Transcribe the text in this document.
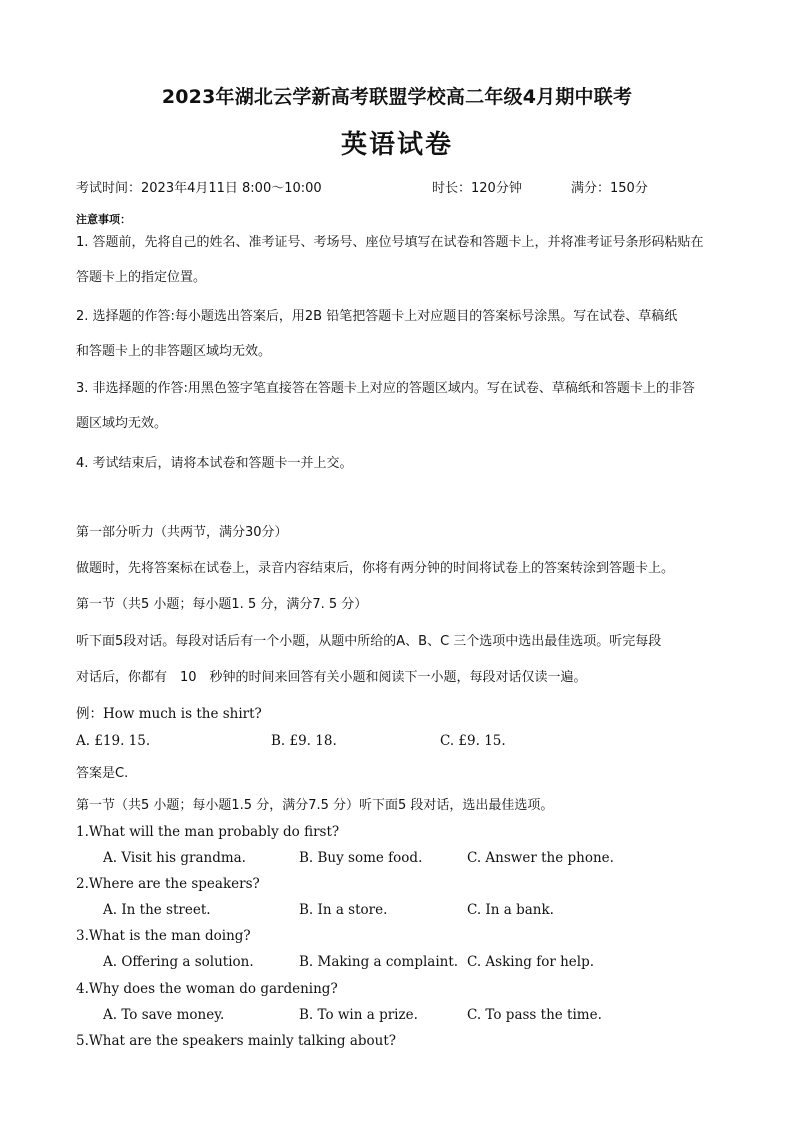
2023年湖北云学新高考联盟学校高二年级4月期中联考
英语试卷
考试时间：2023年4月11日 8:00～10:00	时长：120分钟	满分：150分
注意事项：
1. 答题前，先将自己的姓名、准考证号、考场号、座位号填写在试卷和答题卡上，并将准考证号条形码粘贴在
答题卡上的指定位置。
2. 选择题的作答:每小题选出答案后，用2B 铅笔把答题卡上对应题目的答案标号涂黑。写在试卷、草稿纸
和答题卡上的非答题区域均无效。
3. 非选择题的作答:用黑色签字笔直接答在答题卡上对应的答题区域内。写在试卷、草稿纸和答题卡上的非答
题区域均无效。
4. 考试结束后，请将本试卷和答题卡一并上交。
第一部分听力（共两节，满分30分）
做题时，先将答案标在试卷上，录音内容结束后，你将有两分钟的时间将试卷上的答案转涂到答题卡上。
第一节（共5 小题；每小题1. 5 分，满分7. 5 分）
听下面5段对话。每段对话后有一个小题，从题中所给的A、B、C 三个选项中选出最佳选项。听完每段
对话后，你都有　10　秒钟的时间来回答有关小题和阅读下一小题，每段对话仅读一遍。
例：How much is the shirt?
A. £19. 15.	B. £9. 18.	C. £9. 15.
答案是C.
第一节（共5 小题；每小题1.5 分，满分7.5 分）听下面5 段对话，选出最佳选项。
1.What will the man probably do first?
A. Visit his grandma.	B. Buy some food.	C. Answer the phone.
2.Where are the speakers?
A. In the street.	B. In a store.	C. In a bank.
3.What is the man doing?
A. Offering a solution.	B. Making a complaint. C. Asking for help.
4.Why does the woman do gardening?
A. To save money.	B. To win a prize.	C. To pass the time.
5.What are the speakers mainly talking about?
